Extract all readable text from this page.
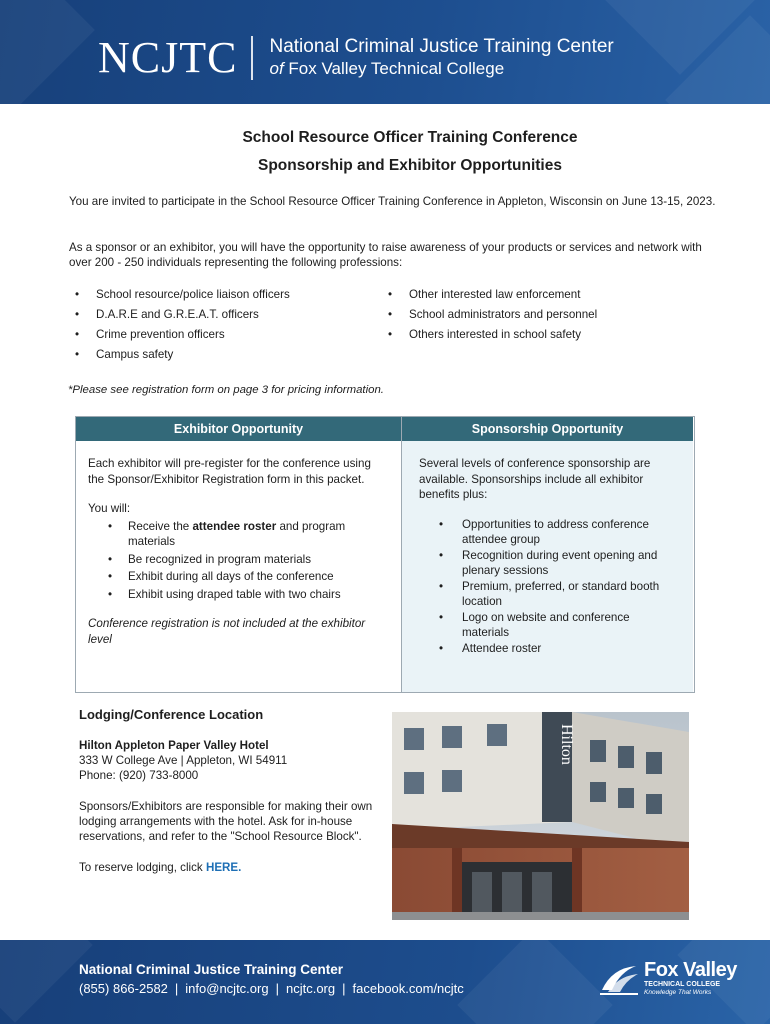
NCJTC	National Criminal Justice Training Center
of Fox Valley Technical College
School Resource Officer Training Conference
Sponsorship and Exhibitor Opportunities
You are invited to participate in the School Resource Officer Training Conference in Appleton, Wisconsin on June 13-15, 2023.
As a sponsor or an exhibitor, you will have the opportunity to raise awareness of your products or services and network with over 200 - 250 individuals representing the following professions:
• School resource/police liaison officers
• D.A.R.E and G.R.E.A.T. officers
• Crime prevention officers
• Campus safety
• Other interested law enforcement
• School administrators and personnel
• Others interested in school safety
*Please see registration form on page 3 for pricing information.
Exhibitor Opportunity

Each exhibitor will pre-register for the conference using the Sponsor/Exhibitor Registration form in this packet.

You will:
• Receive the attendee roster and program materials
• Be recognized in program materials
• Exhibit during all days of the conference
• Exhibit using draped table with two chairs

Conference registration is not included at the exhibitor level

Sponsorship Opportunity

Several levels of conference sponsorship are available. Sponsorships include all exhibitor benefits plus:

• Opportunities to address conference attendee group
• Recognition during event opening and plenary sessions
• Premium, preferred, or standard booth location
• Logo on website and conference materials
• Attendee roster
Lodging/Conference Location
Hilton Appleton Paper Valley Hotel
333 W College Ave | Appleton, WI 54911
Phone: (920) 733-8000
Sponsors/Exhibitors are responsible for making their own lodging arrangements with the hotel. Ask for in-house reservations, and refer to the "School Resource Block".
To reserve lodging, click HERE.
Hilton
National Criminal Justice Training Center
(855) 866-2582 | info@ncjtc.org | ncjtc.org | facebook.com/ncjtc
Fox Valley
TECHNICAL COLLEGE
Knowledge That Works
